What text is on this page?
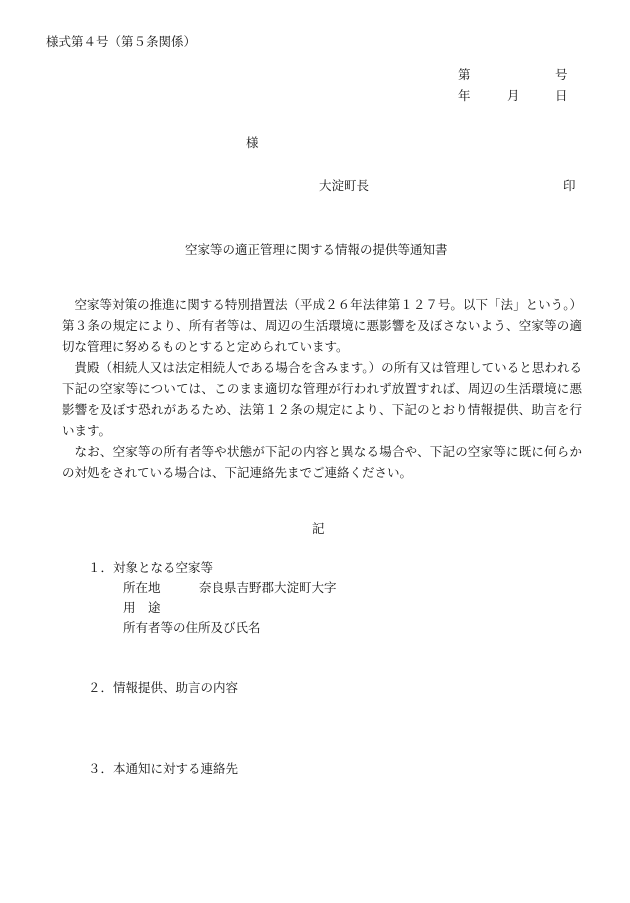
様式第４号（第５条関係）
第	号
年	月	日
様
大淀町長	印
空家等の適正管理に関する情報の提供等通知書
空家等対策の推進に関する特別措置法（平成２６年法律第１２７号。以下「法」という。）第３条の規定により、所有者等は、周辺の生活環境に悪影響を及ぼさないよう、空家等の適切な管理に努めるものとすると定められています。
貴殿（相続人又は法定相続人である場合を含みます。）の所有又は管理していると思われる下記の空家等については、このまま適切な管理が行われず放置すれば、周辺の生活環境に悪影響を及ぼす恐れがあるため、法第１２条の規定により、下記のとおり情報提供、助言を行います。
なお、空家等の所有者等や状態が下記の内容と異なる場合や、下記の空家等に既に何らかの対処をされている場合は、下記連絡先までご連絡ください。
記
１．対象となる空家等
所在地	奈良県吉野郡大淀町大字
用　途
所有者等の住所及び氏名
２．情報提供、助言の内容
３．本通知に対する連絡先
